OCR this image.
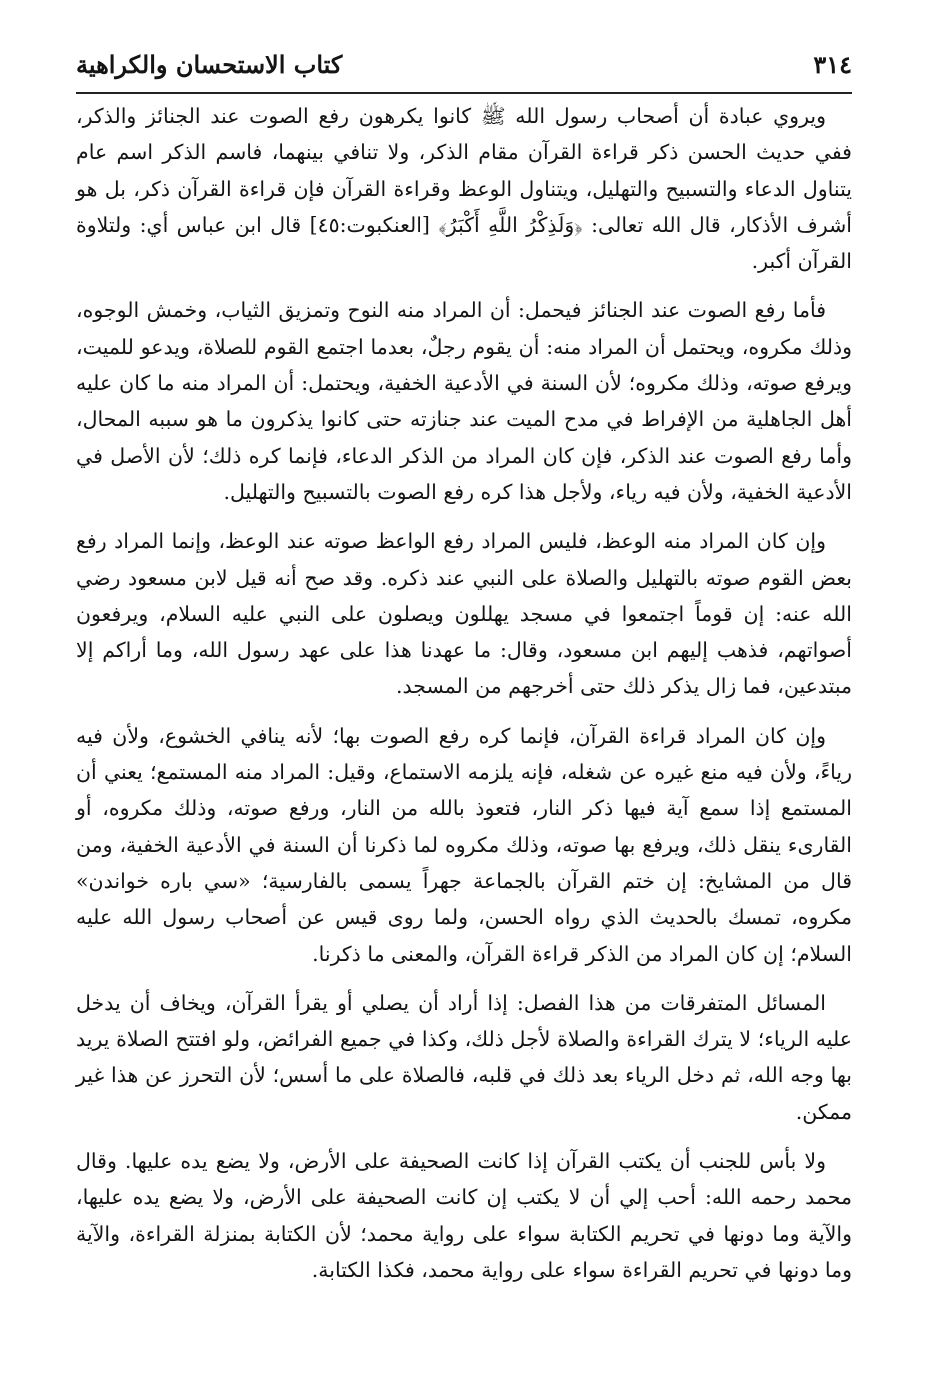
٣١٤
كتاب الاستحسان والكراهية

ويروي عبادة أن أصحاب رسول الله ﷺ كانوا يكرهون رفع الصوت عند الجنائز والذكر، ففي حديث الحسن ذكر قراءة القرآن مقام الذكر، ولا تنافي بينهما، فاسم الذكر اسم عام يتناول الدعاء والتسبيح والتهليل، ويتناول الوعظ وقراءة القرآن فإن قراءة القرآن ذكر، بل هو أشرف الأذكار، قال الله تعالى: ﴿وَلَذِكْرُ اللَّهِ أَكْبَرُ﴾ [العنكبوت:٤٥] قال ابن عباس أي: ولتلاوة القرآن أكبر.

فأما رفع الصوت عند الجنائز فيحمل: أن المراد منه النوح وتمزيق الثياب، وخمش الوجوه، وذلك مكروه، ويحتمل أن المراد منه: أن يقوم رجلٌ، بعدما اجتمع القوم للصلاة، ويدعو للميت، ويرفع صوته، وذلك مكروه؛ لأن السنة في الأدعية الخفية، ويحتمل: أن المراد منه ما كان عليه أهل الجاهلية من الإفراط في مدح الميت عند جنازته حتى كانوا يذكرون ما هو سببه المحال، وأما رفع الصوت عند الذكر، فإن كان المراد من الذكر الدعاء، فإنما كره ذلك؛ لأن الأصل في الأدعية الخفية، ولأن فيه رياء، ولأجل هذا كره رفع الصوت بالتسبيح والتهليل.

وإن كان المراد منه الوعظ، فليس المراد رفع الواعظ صوته عند الوعظ، وإنما المراد رفع بعض القوم صوته بالتهليل والصلاة على النبي عند ذكره. وقد صح أنه قيل لابن مسعود رضي الله عنه: إن قوماً اجتمعوا في مسجد يهللون ويصلون على النبي عليه السلام، ويرفعون أصواتهم، فذهب إليهم ابن مسعود، وقال: ما عهدنا هذا على عهد رسول الله، وما أراكم إلا مبتدعين، فما زال يذكر ذلك حتى أخرجهم من المسجد.

وإن كان المراد قراءة القرآن، فإنما كره رفع الصوت بها؛ لأنه ينافي الخشوع، ولأن فيه رياءً، ولأن فيه منع غيره عن شغله، فإنه يلزمه الاستماع، وقيل: المراد منه المستمع؛ يعني أن المستمع إذا سمع آية فيها ذكر النار، فتعوذ بالله من النار، ورفع صوته، وذلك مكروه، أو القارىء ينقل ذلك، ويرفع بها صوته، وذلك مكروه لما ذكرنا أن السنة في الأدعية الخفية، ومن قال من المشايخ: إن ختم القرآن بالجماعة جهراً يسمى بالفارسية؛ «سي باره خواندن» مكروه، تمسك بالحديث الذي رواه الحسن، ولما روى قيس عن أصحاب رسول الله عليه السلام؛ إن كان المراد من الذكر قراءة القرآن، والمعنى ما ذكرنا.

المسائل المتفرقات من هذا الفصل: إذا أراد أن يصلي أو يقرأ القرآن، ويخاف أن يدخل عليه الرياء؛ لا يترك القراءة والصلاة لأجل ذلك، وكذا في جميع الفرائض، ولو افتتح الصلاة يريد بها وجه الله، ثم دخل الرياء بعد ذلك في قلبه، فالصلاة على ما أسس؛ لأن التحرز عن هذا غير ممكن.

ولا بأس للجنب أن يكتب القرآن إذا كانت الصحيفة على الأرض، ولا يضع يده عليها. وقال محمد رحمه الله: أحب إلي أن لا يكتب إن كانت الصحيفة على الأرض، ولا يضع يده عليها، والآية وما دونها في تحريم الكتابة سواء على رواية محمد؛ لأن الكتابة بمنزلة القراءة، والآية وما دونها في تحريم القراءة سواء على رواية محمد، فكذا الكتابة.
